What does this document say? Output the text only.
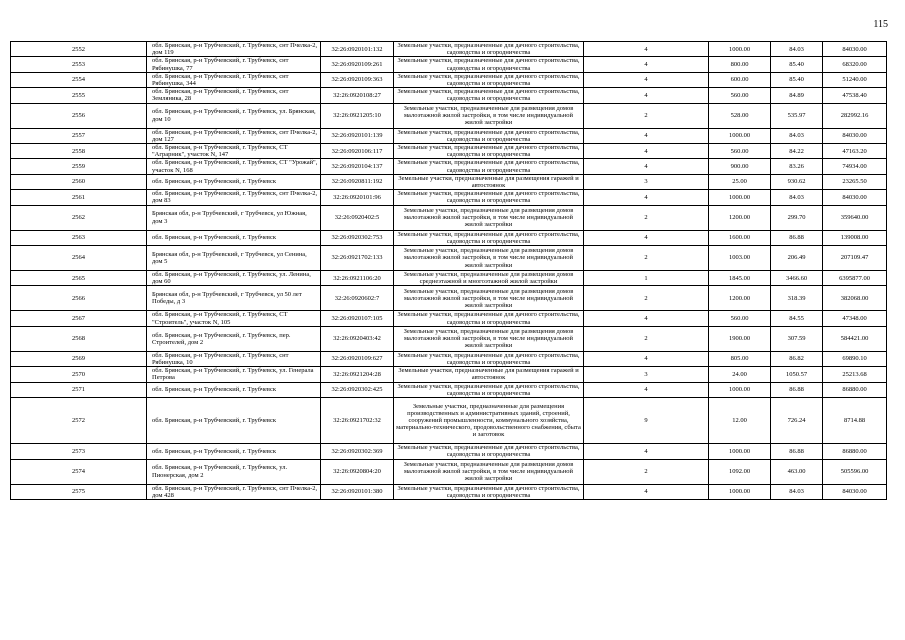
115
2552	обл. Брянская, р-н Трубчевский, г. Трубчевск, снт Пчелка-2, дом 119	32:26:0920101:132	Земельные участки, предназначенные для дачного строительства, садоводства и огородничества	4	1000.00	84.03	84030.00
2553	обл. Брянская, р-н Трубчевский, г. Трубчевск, снт Рябинушка, 77	32:26:0920109:261	Земельные участки, предназначенные для дачного строительства, садоводства и огородничества	4	800.00	85.40	68320.00
2554	обл. Брянская, р-н Трубчевский, г. Трубчевск, снт Рябинушка, 344	32:26:0920109:363	Земельные участки, предназначенные для дачного строительства, садоводства и огородничества	4	600.00	85.40	51240.00
2555	обл. Брянская, р-н Трубчевский, г. Трубчевск, снт Земляника, 28	32:26:0920108:27	Земельные участки, предназначенные для дачного строительства, садоводства и огородничества	4	560.00	84.89	47538.40
2556	обл. Брянская, р-н Трубчевский, г. Трубчевск, ул. Брянская, дом 10	32:26:0921205:10	Земельные участки, предназначенные для размещения домов малоэтажной жилой застройки, в том числе индивидуальной жилой застройки	2	528.00	535.97	282992.16
2557	обл. Брянская, р-н Трубчевский, г. Трубчевск, снт Пчелка-2, дом 127	32:26:0920101:139	Земельные участки, предназначенные для дачного строительства, садоводства и огородничества	4	1000.00	84.03	84030.00
2558	обл. Брянская, р-н Трубчевский, г. Трубчевск, СТ "Аграрник", участок N, 147	32:26:0920106:117	Земельные участки, предназначенные для дачного строительства, садоводства и огородничества	4	560.00	84.22	47163.20
2559	обл. Брянская, р-н Трубчевский, г. Трубчевск, СТ "Урожай", участок N, 168	32:26:0920104:137	Земельные участки, предназначенные для дачного строительства, садоводства и огородничества	4	900.00	83.26	74934.00
2560	обл. Брянская, р-н Трубчевский, г. Трубчевск	32:26:0920811:192	Земельные участки, предназначенные для размещения гаражей и автостоянок	3	25.00	930.62	23265.50
2561	обл. Брянская, р-н Трубчевский, г. Трубчевск, снт Пчелка-2, дом 83	32:26:0920101:96	Земельные участки, предназначенные для дачного строительства, садоводства и огородничества	4	1000.00	84.03	84030.00
2562	Брянская обл, р-н Трубчевский, г Трубчевск, ул Южная, дом 3	32:26:0920402:5	Земельные участки, предназначенные для размещения домов малоэтажной жилой застройки, в том числе индивидуальной жилой застройки	2	1200.00	299.70	359640.00
2563	обл. Брянская, р-н Трубчевский, г. Трубчевск	32:26:0920302:753	Земельные участки, предназначенные для дачного строительства, садоводства и огородничества	4	1600.00	86.88	139008.00
2564	Брянская обл, р-н Трубчевский, г Трубчевск, ул Сенина, дом 5	32:26:0921702:133	Земельные участки, предназначенные для размещения домов малоэтажной жилой застройки, в том числе индивидуальной жилой застройки	2	1003.00	206.49	207109.47
2565	обл. Брянская, р-н Трубчевский, г. Трубчевск, ул. Ленина, дом 60	32:26:0921106:20	Земельные участки, предназначенные для размещения домов среднеэтажной и многоэтажной жилой застройки	1	1845.00	3466.60	6395877.00
2566	Брянская обл, р-н Трубчевский, г Трубчевск, ул 50 лет Победы, д 3	32:26:0920602:7	Земельные участки, предназначенные для размещения домов малоэтажной жилой застройки, в том числе индивидуальной жилой застройки	2	1200.00	318.39	382068.00
2567	обл. Брянская, р-н Трубчевский, г. Трубчевск, СТ "Строитель", участок N, 105	32:26:0920107:105	Земельные участки, предназначенные для дачного строительства, садоводства и огородничества	4	560.00	84.55	47348.00
2568	обл. Брянская, р-н Трубчевский, г. Трубчевск, пер. Строителей, дом 2	32:26:0920403:42	Земельные участки, предназначенные для размещения домов малоэтажной жилой застройки, в том числе индивидуальной жилой застройки	2	1900.00	307.59	584421.00
2569	обл. Брянская, р-н Трубчевский, г. Трубчевск, снт Рябинушка, 10	32:26:0920109:627	Земельные участки, предназначенные для дачного строительства, садоводства и огородничества	4	805.00	86.82	69890.10
2570	обл. Брянская, р-н Трубчевский, г. Трубчевск, ул. Генерала Петрова	32:26:0921204:28	Земельные участки, предназначенные для размещения гаражей и автостоянок	3	24.00	1050.57	25213.68
2571	обл. Брянская, р-н Трубчевский, г. Трубчевск	32:26:0920302:425	Земельные участки, предназначенные для дачного строительства, садоводства и огородничества	4	1000.00	86.88	86880.00
2572	обл. Брянская, р-н Трубчевский, г. Трубчевск	32:26:0921702:32	Земельные участки, предназначенные для размещения производственных и административных зданий, строений, сооружений промышленности, коммунального хозяйства, материально-технического, продовольственного снабжения, сбыта и заготовок	9	12.00	726.24	8714.88
2573	обл. Брянская, р-н Трубчевский, г. Трубчевск	32:26:0920302:369	Земельные участки, предназначенные для дачного строительства, садоводства и огородничества	4	1000.00	86.88	86880.00
2574	обл. Брянская, р-н Трубчевский, г. Трубчевск, ул. Пионерская, дом 2	32:26:0920804:20	Земельные участки, предназначенные для размещения домов малоэтажной жилой застройки, в том числе индивидуальной жилой застройки	2	1092.00	463.00	505596.00
2575	обл. Брянская, р-н Трубчевский, г. Трубчевск, снт Пчелка-2, дом 428	32:26:0920101:380	Земельные участки, предназначенные для дачного строительства, садоводства и огородничества	4	1000.00	84.03	84030.00
